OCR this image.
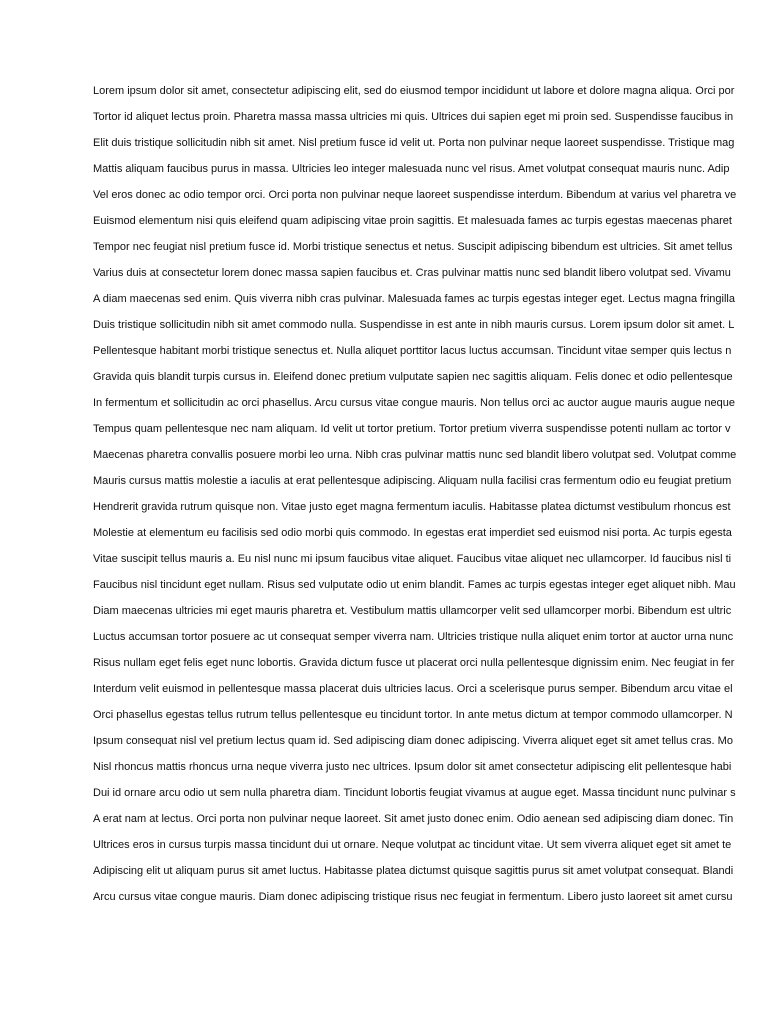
Lorem ipsum dolor sit amet, consectetur adipiscing elit, sed do eiusmod tempor incididunt ut labore et dolore magna aliqua. Orci por
Tortor id aliquet lectus proin. Pharetra massa massa ultricies mi quis. Ultrices dui sapien eget mi proin sed. Suspendisse faucibus in
Elit duis tristique sollicitudin nibh sit amet. Nisl pretium fusce id velit ut. Porta non pulvinar neque laoreet suspendisse. Tristique mag
Mattis aliquam faucibus purus in massa. Ultricies leo integer malesuada nunc vel risus. Amet volutpat consequat mauris nunc. Adip
Vel eros donec ac odio tempor orci. Orci porta non pulvinar neque laoreet suspendisse interdum. Bibendum at varius vel pharetra ve
Euismod elementum nisi quis eleifend quam adipiscing vitae proin sagittis. Et malesuada fames ac turpis egestas maecenas pharet
Tempor nec feugiat nisl pretium fusce id. Morbi tristique senectus et netus. Suscipit adipiscing bibendum est ultricies. Sit amet tellus
Varius duis at consectetur lorem donec massa sapien faucibus et. Cras pulvinar mattis nunc sed blandit libero volutpat sed. Vivamu
A diam maecenas sed enim. Quis viverra nibh cras pulvinar. Malesuada fames ac turpis egestas integer eget. Lectus magna fringilla
Duis tristique sollicitudin nibh sit amet commodo nulla. Suspendisse in est ante in nibh mauris cursus. Lorem ipsum dolor sit amet. L
Pellentesque habitant morbi tristique senectus et. Nulla aliquet porttitor lacus luctus accumsan. Tincidunt vitae semper quis lectus n
Gravida quis blandit turpis cursus in. Eleifend donec pretium vulputate sapien nec sagittis aliquam. Felis donec et odio pellentesque
In fermentum et sollicitudin ac orci phasellus. Arcu cursus vitae congue mauris. Non tellus orci ac auctor augue mauris augue neque
Tempus quam pellentesque nec nam aliquam. Id velit ut tortor pretium. Tortor pretium viverra suspendisse potenti nullam ac tortor v
Maecenas pharetra convallis posuere morbi leo urna. Nibh cras pulvinar mattis nunc sed blandit libero volutpat sed. Volutpat comme
Mauris cursus mattis molestie a iaculis at erat pellentesque adipiscing. Aliquam nulla facilisi cras fermentum odio eu feugiat pretium
Hendrerit gravida rutrum quisque non. Vitae justo eget magna fermentum iaculis. Habitasse platea dictumst vestibulum rhoncus est
Molestie at elementum eu facilisis sed odio morbi quis commodo. In egestas erat imperdiet sed euismod nisi porta. Ac turpis egesta
Vitae suscipit tellus mauris a. Eu nisl nunc mi ipsum faucibus vitae aliquet. Faucibus vitae aliquet nec ullamcorper. Id faucibus nisl ti
Faucibus nisl tincidunt eget nullam. Risus sed vulputate odio ut enim blandit. Fames ac turpis egestas integer eget aliquet nibh. Mau
Diam maecenas ultricies mi eget mauris pharetra et. Vestibulum mattis ullamcorper velit sed ullamcorper morbi. Bibendum est ultric
Luctus accumsan tortor posuere ac ut consequat semper viverra nam. Ultricies tristique nulla aliquet enim tortor at auctor urna nunc
Risus nullam eget felis eget nunc lobortis. Gravida dictum fusce ut placerat orci nulla pellentesque dignissim enim. Nec feugiat in fer
Interdum velit euismod in pellentesque massa placerat duis ultricies lacus. Orci a scelerisque purus semper. Bibendum arcu vitae el
Orci phasellus egestas tellus rutrum tellus pellentesque eu tincidunt tortor. In ante metus dictum at tempor commodo ullamcorper. N
Ipsum consequat nisl vel pretium lectus quam id. Sed adipiscing diam donec adipiscing. Viverra aliquet eget sit amet tellus cras. Mo
Nisl rhoncus mattis rhoncus urna neque viverra justo nec ultrices. Ipsum dolor sit amet consectetur adipiscing elit pellentesque habi
Dui id ornare arcu odio ut sem nulla pharetra diam. Tincidunt lobortis feugiat vivamus at augue eget. Massa tincidunt nunc pulvinar s
A erat nam at lectus. Orci porta non pulvinar neque laoreet. Sit amet justo donec enim. Odio aenean sed adipiscing diam donec. Tin
Ultrices eros in cursus turpis massa tincidunt dui ut ornare. Neque volutpat ac tincidunt vitae. Ut sem viverra aliquet eget sit amet te
Adipiscing elit ut aliquam purus sit amet luctus. Habitasse platea dictumst quisque sagittis purus sit amet volutpat consequat. Blandi
Arcu cursus vitae congue mauris. Diam donec adipiscing tristique risus nec feugiat in fermentum. Libero justo laoreet sit amet cursu
